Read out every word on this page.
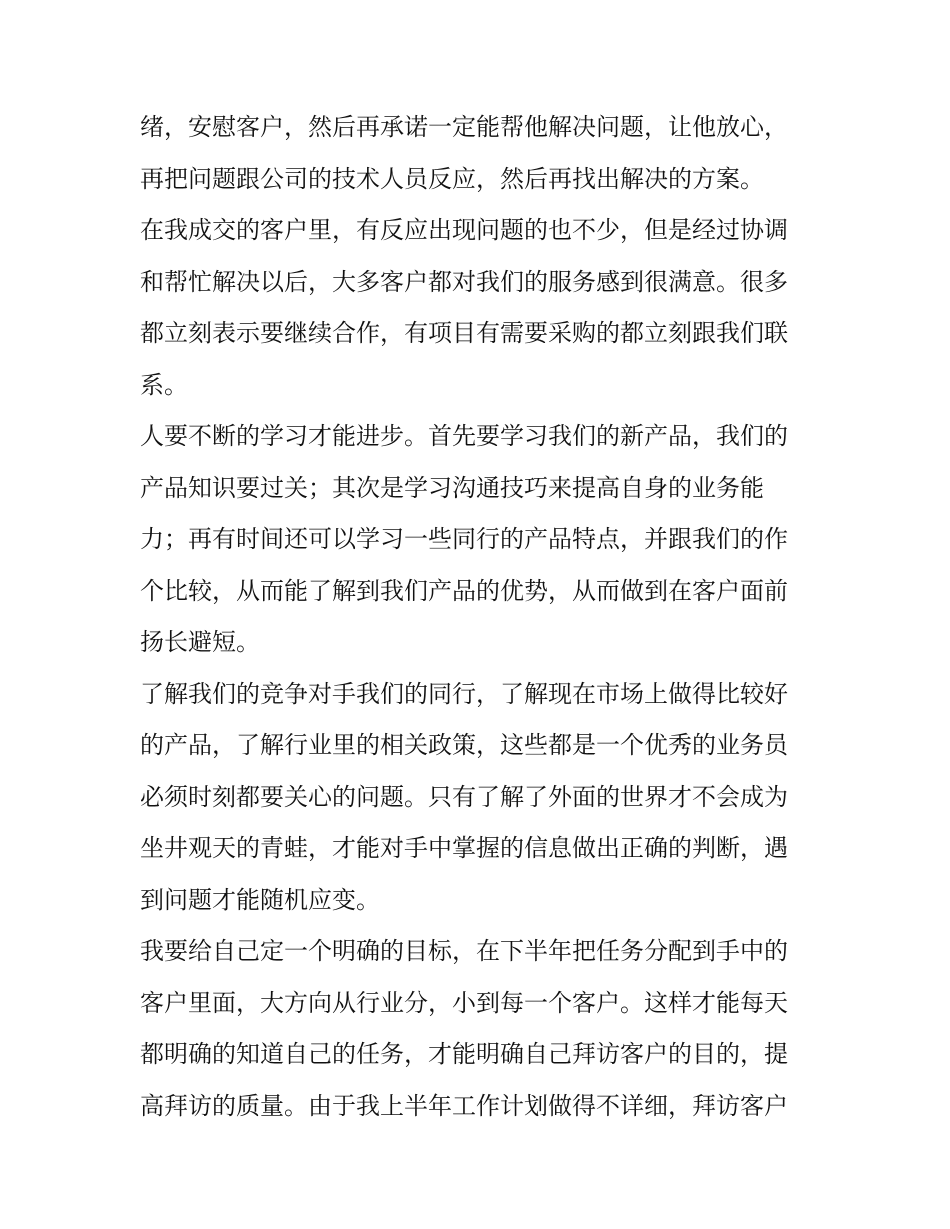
绪，安慰客户，然后再承诺一定能帮他解决问题，让他放心，
再把问题跟公司的技术人员反应，然后再找出解决的方案。
在我成交的客户里，有反应出现问题的也不少，但是经过协调
和帮忙解决以后，大多客户都对我们的服务感到很满意。很多
都立刻表示要继续合作，有项目有需要采购的都立刻跟我们联
系。
人要不断的学习才能进步。首先要学习我们的新产品，我们的
产品知识要过关；其次是学习沟通技巧来提高自身的业务能
力；再有时间还可以学习一些同行的产品特点，并跟我们的作
个比较，从而能了解到我们产品的优势，从而做到在客户面前
扬长避短。
了解我们的竞争对手我们的同行，了解现在市场上做得比较好
的产品，了解行业里的相关政策，这些都是一个优秀的业务员
必须时刻都要关心的问题。只有了解了外面的世界才不会成为
坐井观天的青蛙，才能对手中掌握的信息做出正确的判断，遇
到问题才能随机应变。
我要给自己定一个明确的目标，在下半年把任务分配到手中的
客户里面，大方向从行业分，小到每一个客户。这样才能每天
都明确的知道自己的任务，才能明确自己拜访客户的目的，提
高拜访的质量。由于我上半年工作计划做得不详细，拜访客户
